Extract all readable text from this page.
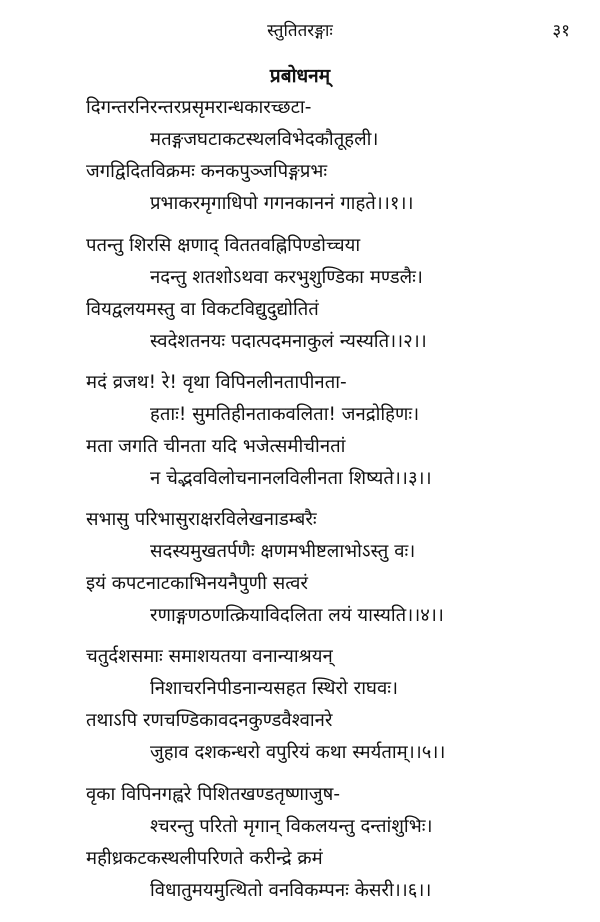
स्तुतितरङ्गाः	३१
प्रबोधनम्
दिगन्तरनिरन्तरप्रसृमरान्धकारच्छटा-
मतङ्गजघटाकटस्थलविभेदकौतूहली।
जगद्विदितविक्रमः कनकपुञ्जपिङ्गप्रभः
प्रभाकरमृगाधिपो गगनकाननं गाहते।।१।।
पतन्तु शिरसि क्षणाद् विततवह्निपिण्डोच्चया
नदन्तु शतशोऽथवा करभुशुण्डिका मण्डलैः।
वियद्वलयमस्तु वा विकटविद्युदुद्योतितं
स्वदेशतनयः पदात्पदमनाकुलं न्यस्यति।।२।।
मदं व्रजथ! रे! वृथा विपिनलीनतापीनता-
हताः! सुमतिहीनताकवलिता! जनद्रोहिणः।
मता जगति चीनता यदि भजेत्समीचीनतां
न चेद्भवविलोचनानलविलीनता शिष्यते।।३।।
सभासु परिभासुराक्षरविलेखनाडम्बरैः
सदस्यमुखतर्पणैः क्षणमभीष्टलाभोऽस्तु वः।
इयं कपटनाटकाभिनयनैपुणी सत्वरं
रणाङ्गणठणत्क्रियाविदलिता लयं यास्यति।।४।।
चतुर्दशसमाः समाशयतया वनान्याश्रयन्
निशाचरनिपीडनान्यसहत स्थिरो राघवः।
तथाऽपि रणचण्डिकावदनकुण्डवैश्वानरे
जुहाव दशकन्धरो वपुरियं कथा स्मर्यताम्।।५।।
वृका विपिनगह्वरे पिशितखण्डतृष्णाजुष-
श्चरन्तु परितो मृगान् विकलयन्तु दन्तांशुभिः।
महीध्रकटकस्थलीपरिणते करीन्द्रे क्रमं
विधातुमयमुत्थितो वनविकम्पनः केसरी।।६।।
